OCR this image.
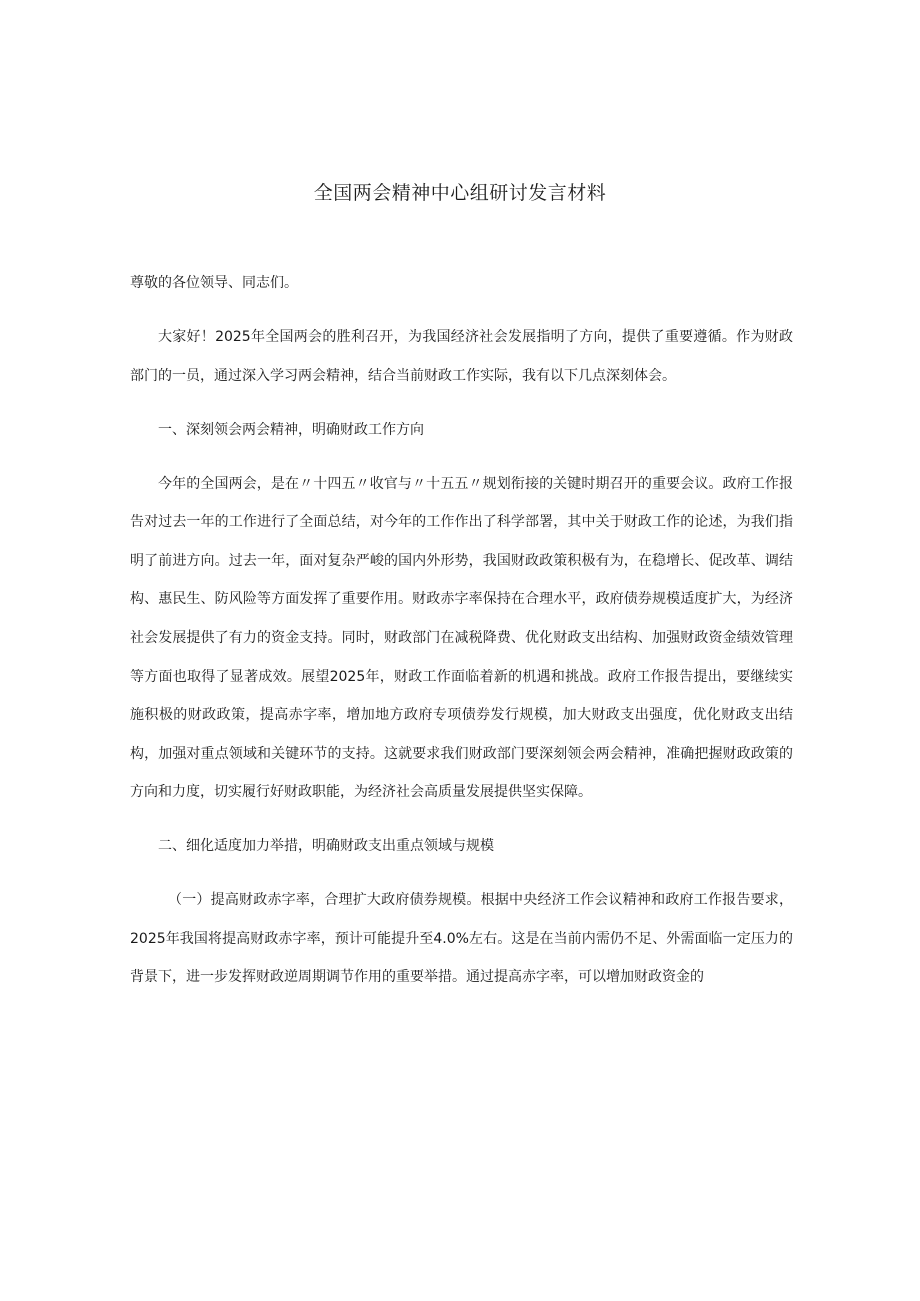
全国两会精神中心组研讨发言材料

尊敬的各位领导、同志们。

大家好！2025年全国两会的胜利召开，为我国经济社会发展指明了方向，提供了重要遵循。作为财政部门的一员，通过深入学习两会精神，结合当前财政工作实际，我有以下几点深刻体会。

一、深刻领会两会精神，明确财政工作方向

今年的全国两会，是在〃十四五〃收官与〃十五五〃规划衔接的关键时期召开的重要会议。政府工作报告对过去一年的工作进行了全面总结，对今年的工作作出了科学部署，其中关于财政工作的论述，为我们指明了前进方向。过去一年，面对复杂严峻的国内外形势，我国财政政策积极有为，在稳增长、促改革、调结构、惠民生、防风险等方面发挥了重要作用。财政赤字率保持在合理水平，政府债券规模适度扩大，为经济社会发展提供了有力的资金支持。同时，财政部门在减税降费、优化财政支出结构、加强财政资金绩效管理等方面也取得了显著成效。展望2025年，财政工作面临着新的机遇和挑战。政府工作报告提出，要继续实施积极的财政政策，提高赤字率，增加地方政府专项债券发行规模，加大财政支出强度，优化财政支出结构，加强对重点领域和关键环节的支持。这就要求我们财政部门要深刻领会两会精神，准确把握财政政策的方向和力度，切实履行好财政职能，为经济社会高质量发展提供坚实保障。

二、细化适度加力举措，明确财政支出重点领域与规模

（一）提高财政赤字率，合理扩大政府债券规模。根据中央经济工作会议精神和政府工作报告要求，2025年我国将提高财政赤字率，预计可能提升至4.0%左右。这是在当前内需仍不足、外需面临一定压力的背景下，进一步发挥财政逆周期调节作用的重要举措。通过提高赤字率，可以增加财政资金的
